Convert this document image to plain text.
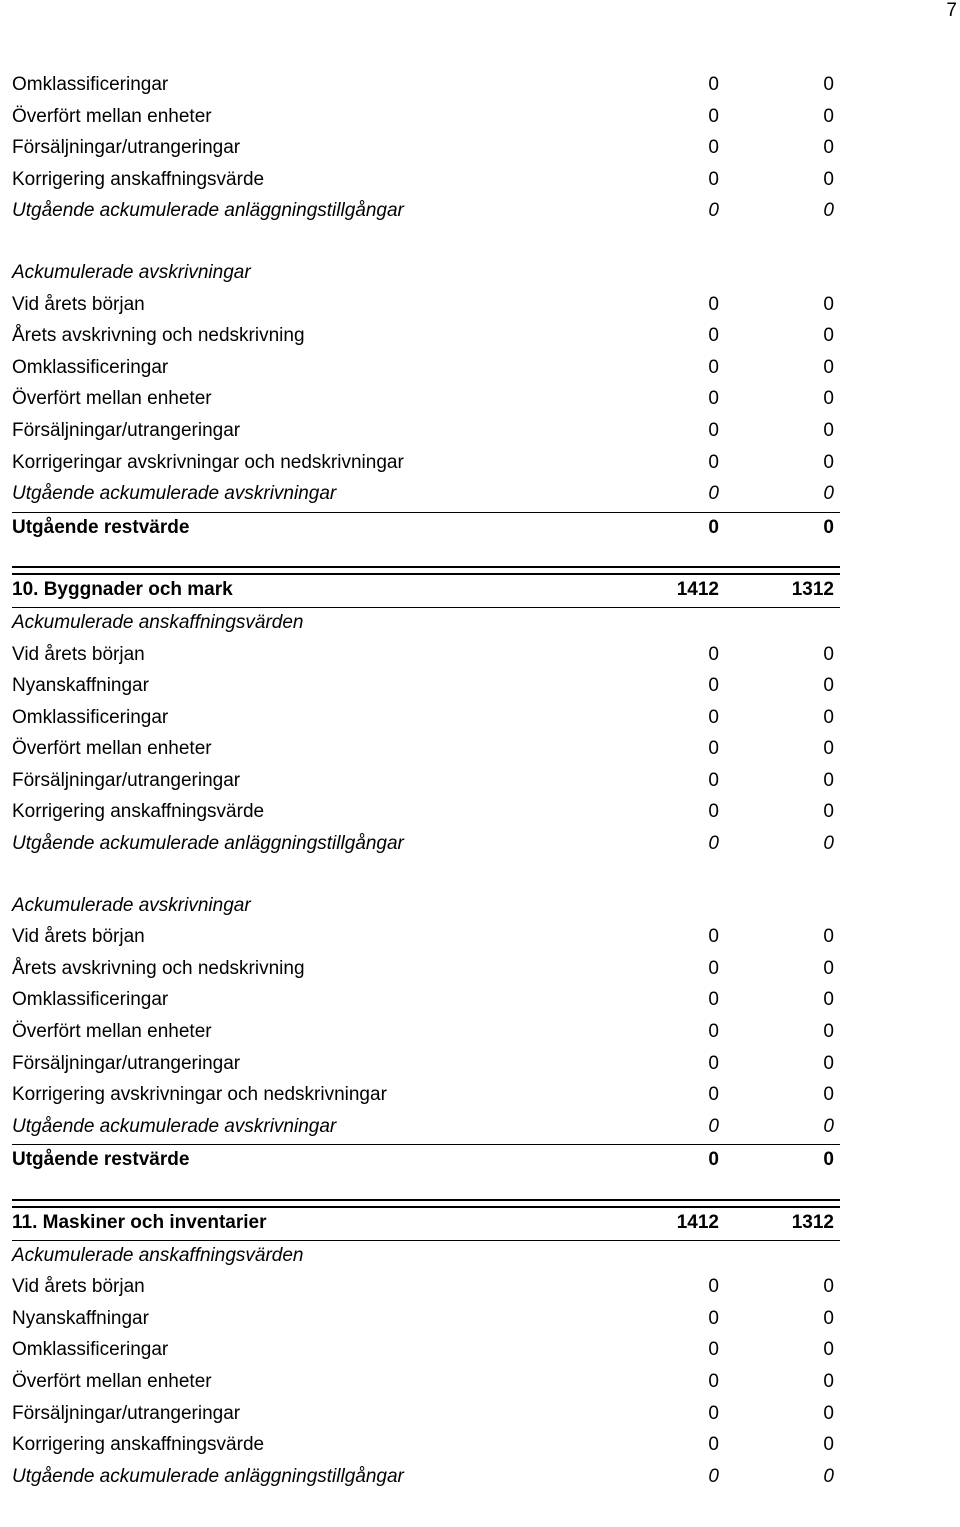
7
Omklassificeringar	0	0
Överfört mellan enheter	0	0
Försäljningar/utrangeringar	0	0
Korrigering anskaffningsvärde	0	0
Utgående ackumulerade anläggningstillgångar	0	0
Ackumulerade avskrivningar
Vid årets början	0	0
Årets avskrivning och nedskrivning	0	0
Omklassificeringar	0	0
Överfört mellan enheter	0	0
Försäljningar/utrangeringar	0	0
Korrigeringar avskrivningar och nedskrivningar	0	0
Utgående ackumulerade avskrivningar	0	0
Utgående restvärde	0	0
10. Byggnader och mark	1412	1312
Ackumulerade anskaffningsvärden
Vid årets början	0	0
Nyanskaffningar	0	0
Omklassificeringar	0	0
Överfört mellan enheter	0	0
Försäljningar/utrangeringar	0	0
Korrigering anskaffningsvärde	0	0
Utgående ackumulerade anläggningstillgångar	0	0
Ackumulerade avskrivningar
Vid årets början	0	0
Årets avskrivning och nedskrivning	0	0
Omklassificeringar	0	0
Överfört mellan enheter	0	0
Försäljningar/utrangeringar	0	0
Korrigering avskrivningar och nedskrivningar	0	0
Utgående ackumulerade avskrivningar	0	0
Utgående restvärde	0	0
11. Maskiner och inventarier	1412	1312
Ackumulerade anskaffningsvärden
Vid årets början	0	0
Nyanskaffningar	0	0
Omklassificeringar	0	0
Överfört mellan enheter	0	0
Försäljningar/utrangeringar	0	0
Korrigering anskaffningsvärde	0	0
Utgående ackumulerade anläggningstillgångar	0	0
